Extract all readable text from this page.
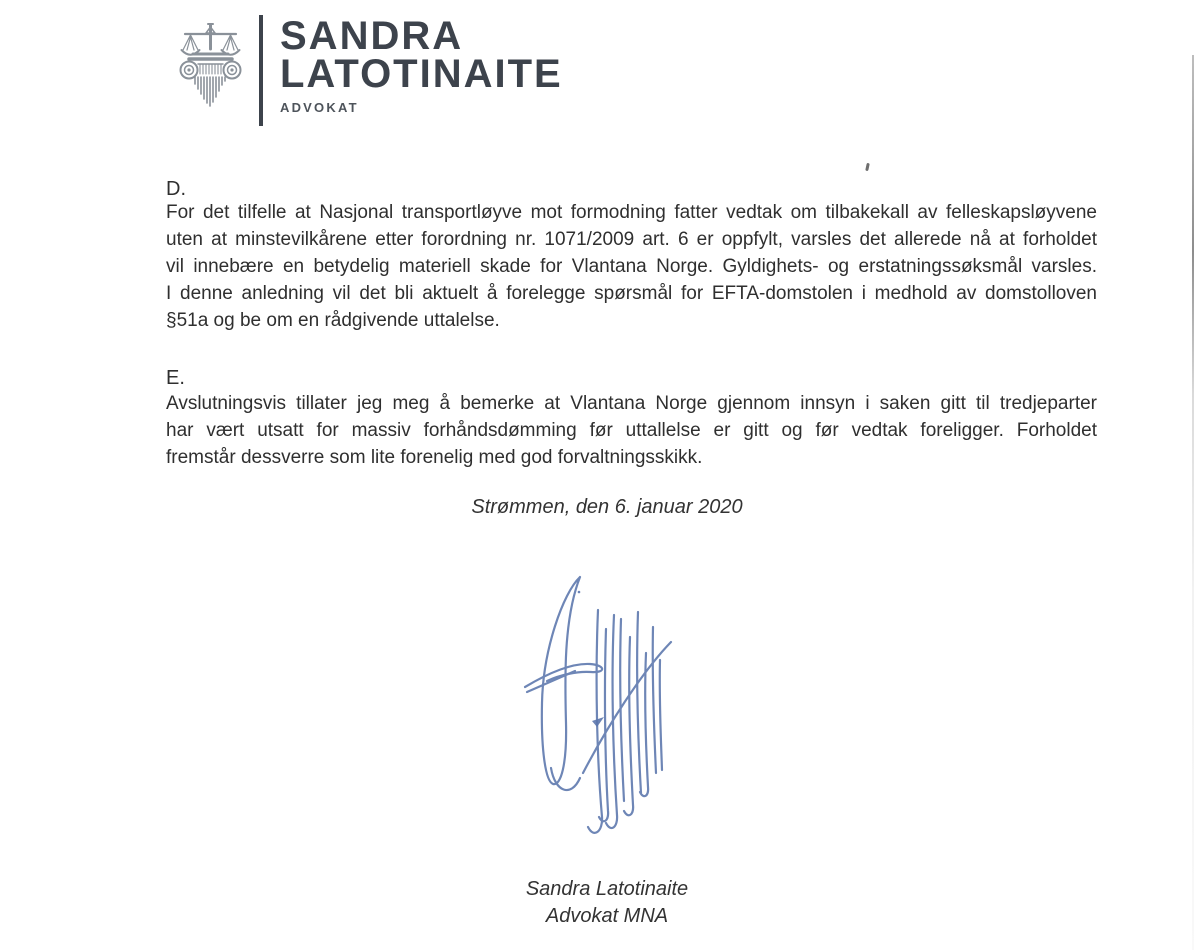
SANDRA
LATOTINAITE
ADVOKAT
D.
For det tilfelle at Nasjonal transportløyve mot formodning fatter vedtak om tilbakekall av felleskapsløyvene
uten at minstevilkårene etter forordning nr. 1071/2009 art. 6 er oppfylt, varsles det allerede nå at forholdet
vil innebære en betydelig materiell skade for Vlantana Norge. Gyldighets- og erstatningssøksmål varsles.
I denne anledning vil det bli aktuelt å forelegge spørsmål for EFTA-domstolen i medhold av domstolloven
§51a og be om en rådgivende uttalelse.
E.
Avslutningsvis tillater jeg meg å bemerke at Vlantana Norge gjennom innsyn i saken gitt til tredjeparter
har vært utsatt for massiv forhåndsdømming før uttallelse er gitt og før vedtak foreligger. Forholdet
fremstår dessverre som lite forenelig med god forvaltningsskikk.
Strømmen, den 6. januar 2020
Sandra Latotinaite
Advokat MNA
